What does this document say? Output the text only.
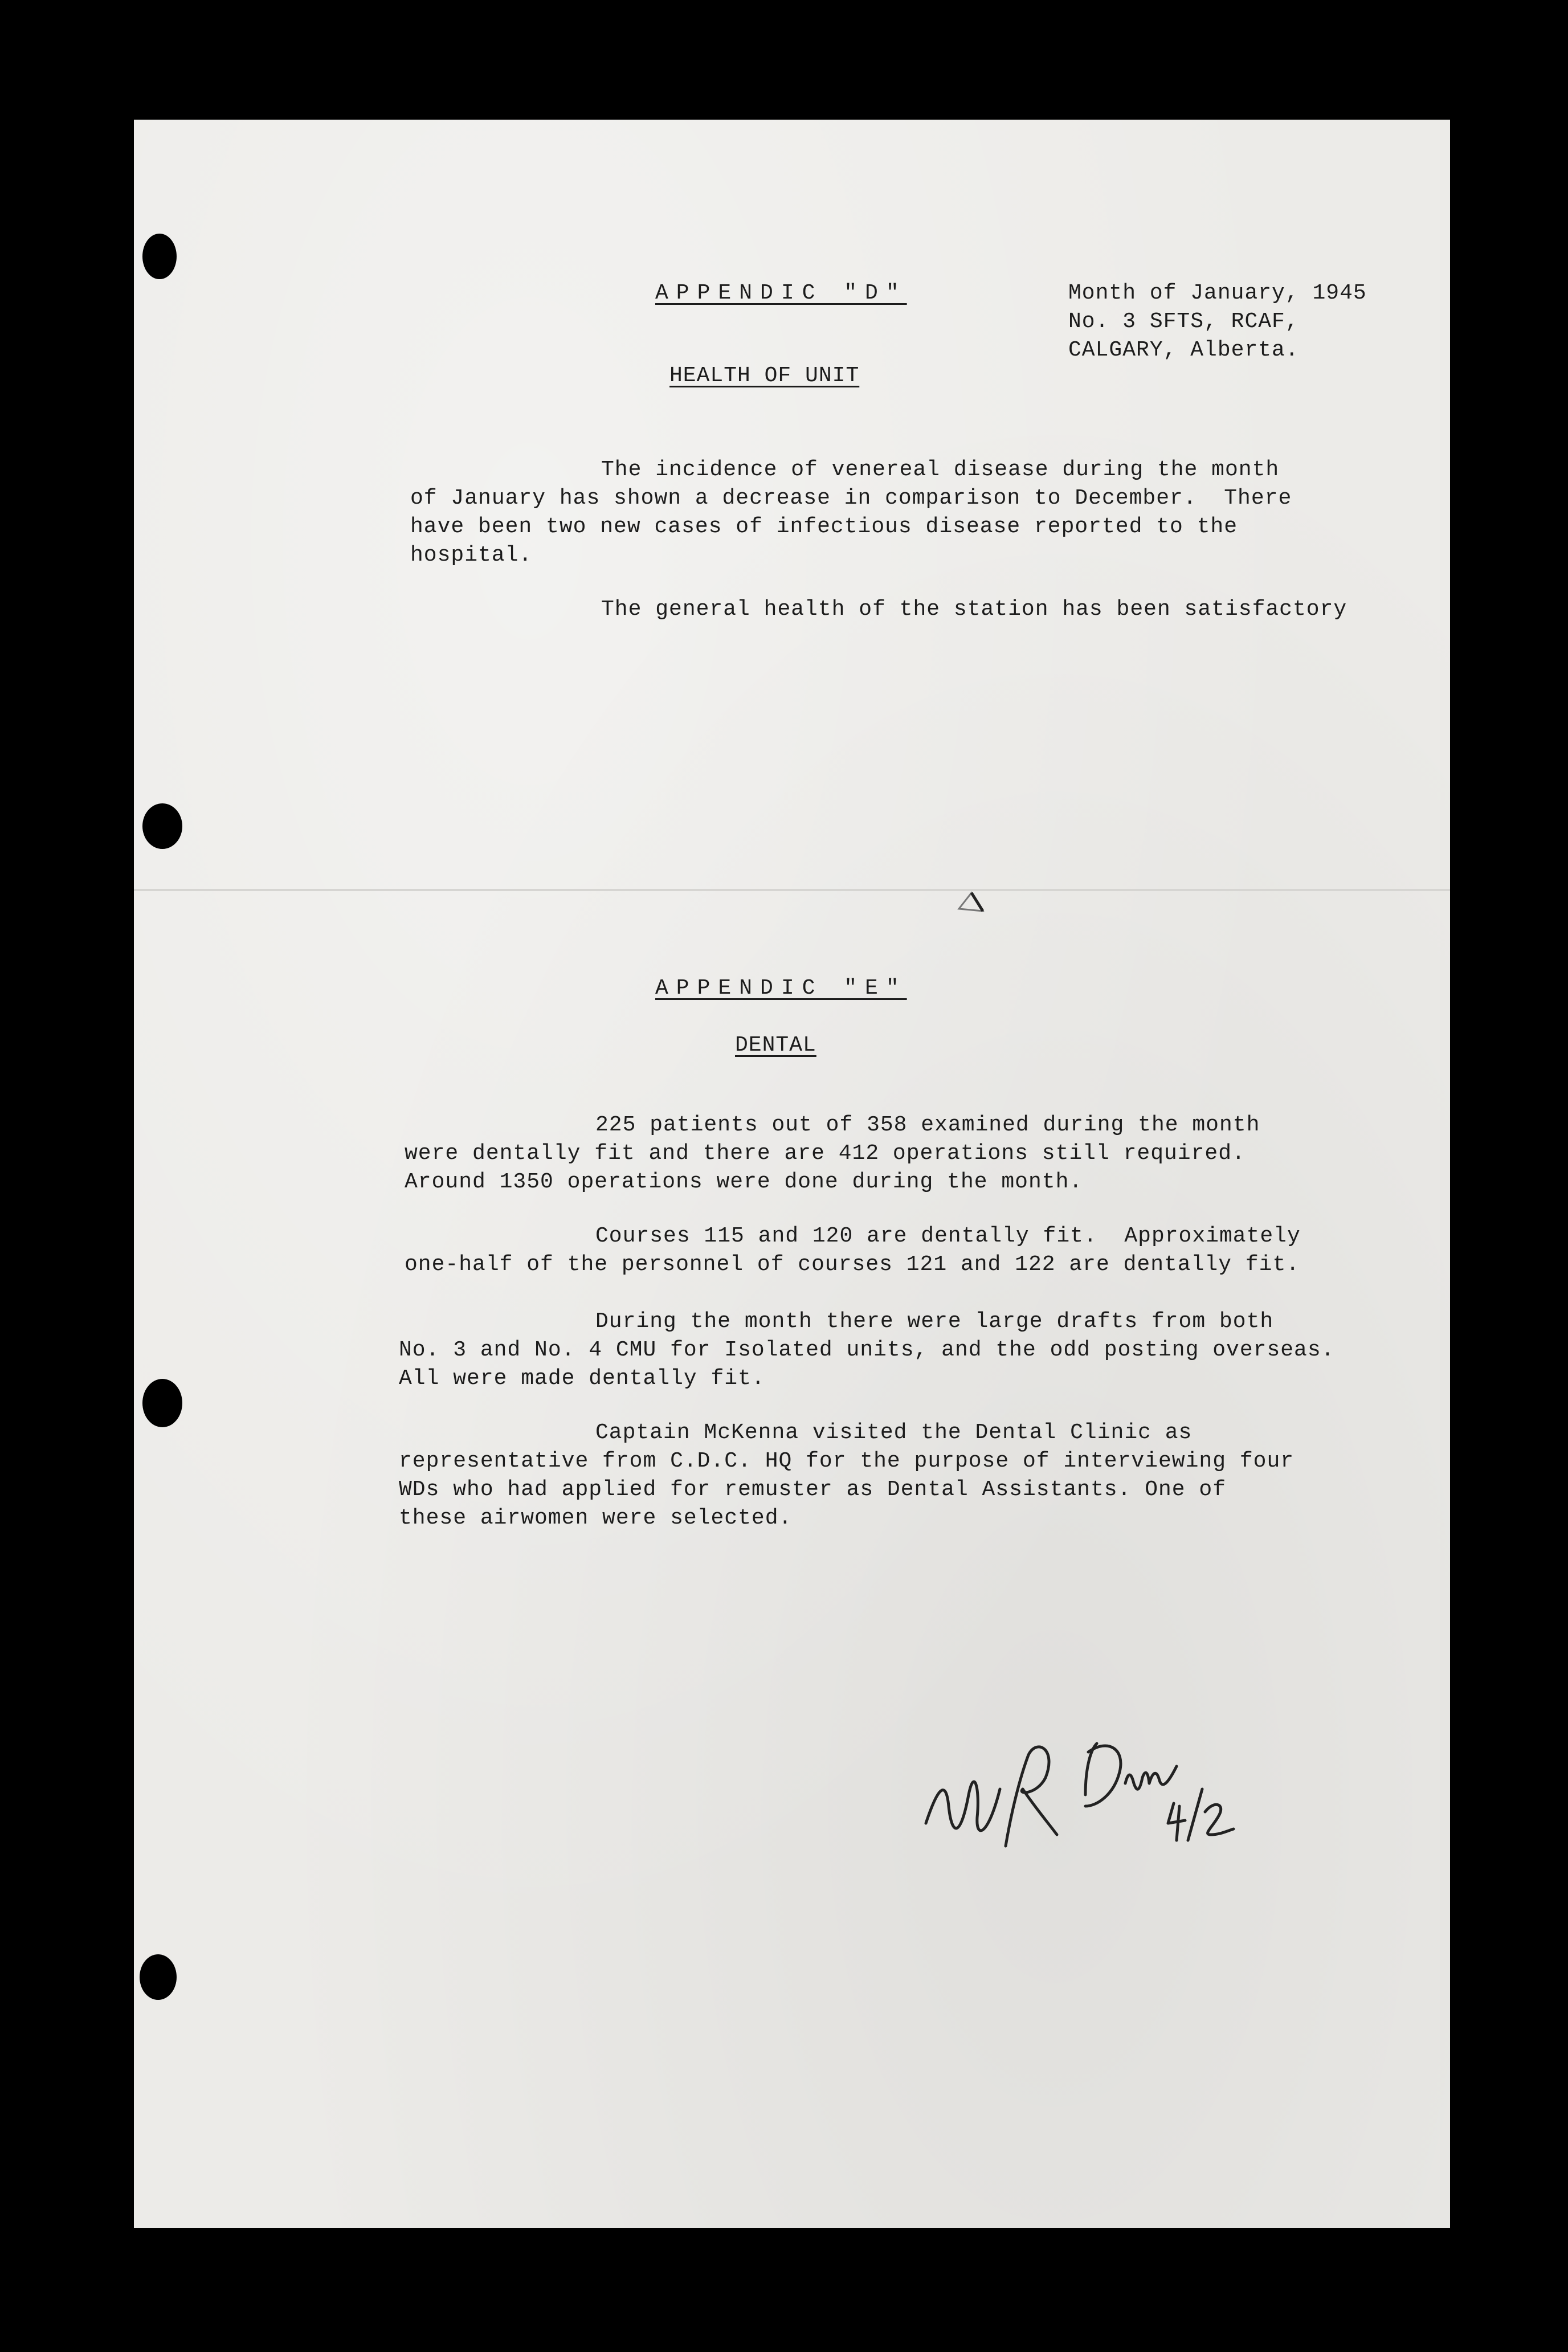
Month of January, 1945
No. 3 SFTS, RCAF,
CALGARY, Alberta.
APPENDIC "D"
HEALTH OF UNIT
The incidence of venereal disease during the month
of January has shown a decrease in comparison to December.  There
have been two new cases of infectious disease reported to the
hospital.
The general health of the station has been satisfactory
APPENDIC "E"
DENTAL
225 patients out of 358 examined during the month
were dentally fit and there are 412 operations still required.
Around 1350 operations were done during the month.
Courses 115 and 120 are dentally fit.  Approximately
one-half of the personnel of courses 121 and 122 are dentally fit.
During the month there were large drafts from both
No. 3 and No. 4 CMU for Isolated units, and the odd posting overseas.
All were made dentally fit.
Captain McKenna visited the Dental Clinic as
representative from C.D.C. HQ for the purpose of interviewing four
WDs who had applied for remuster as Dental Assistants. One of
these airwomen were selected.
WR Dunn 4/2
